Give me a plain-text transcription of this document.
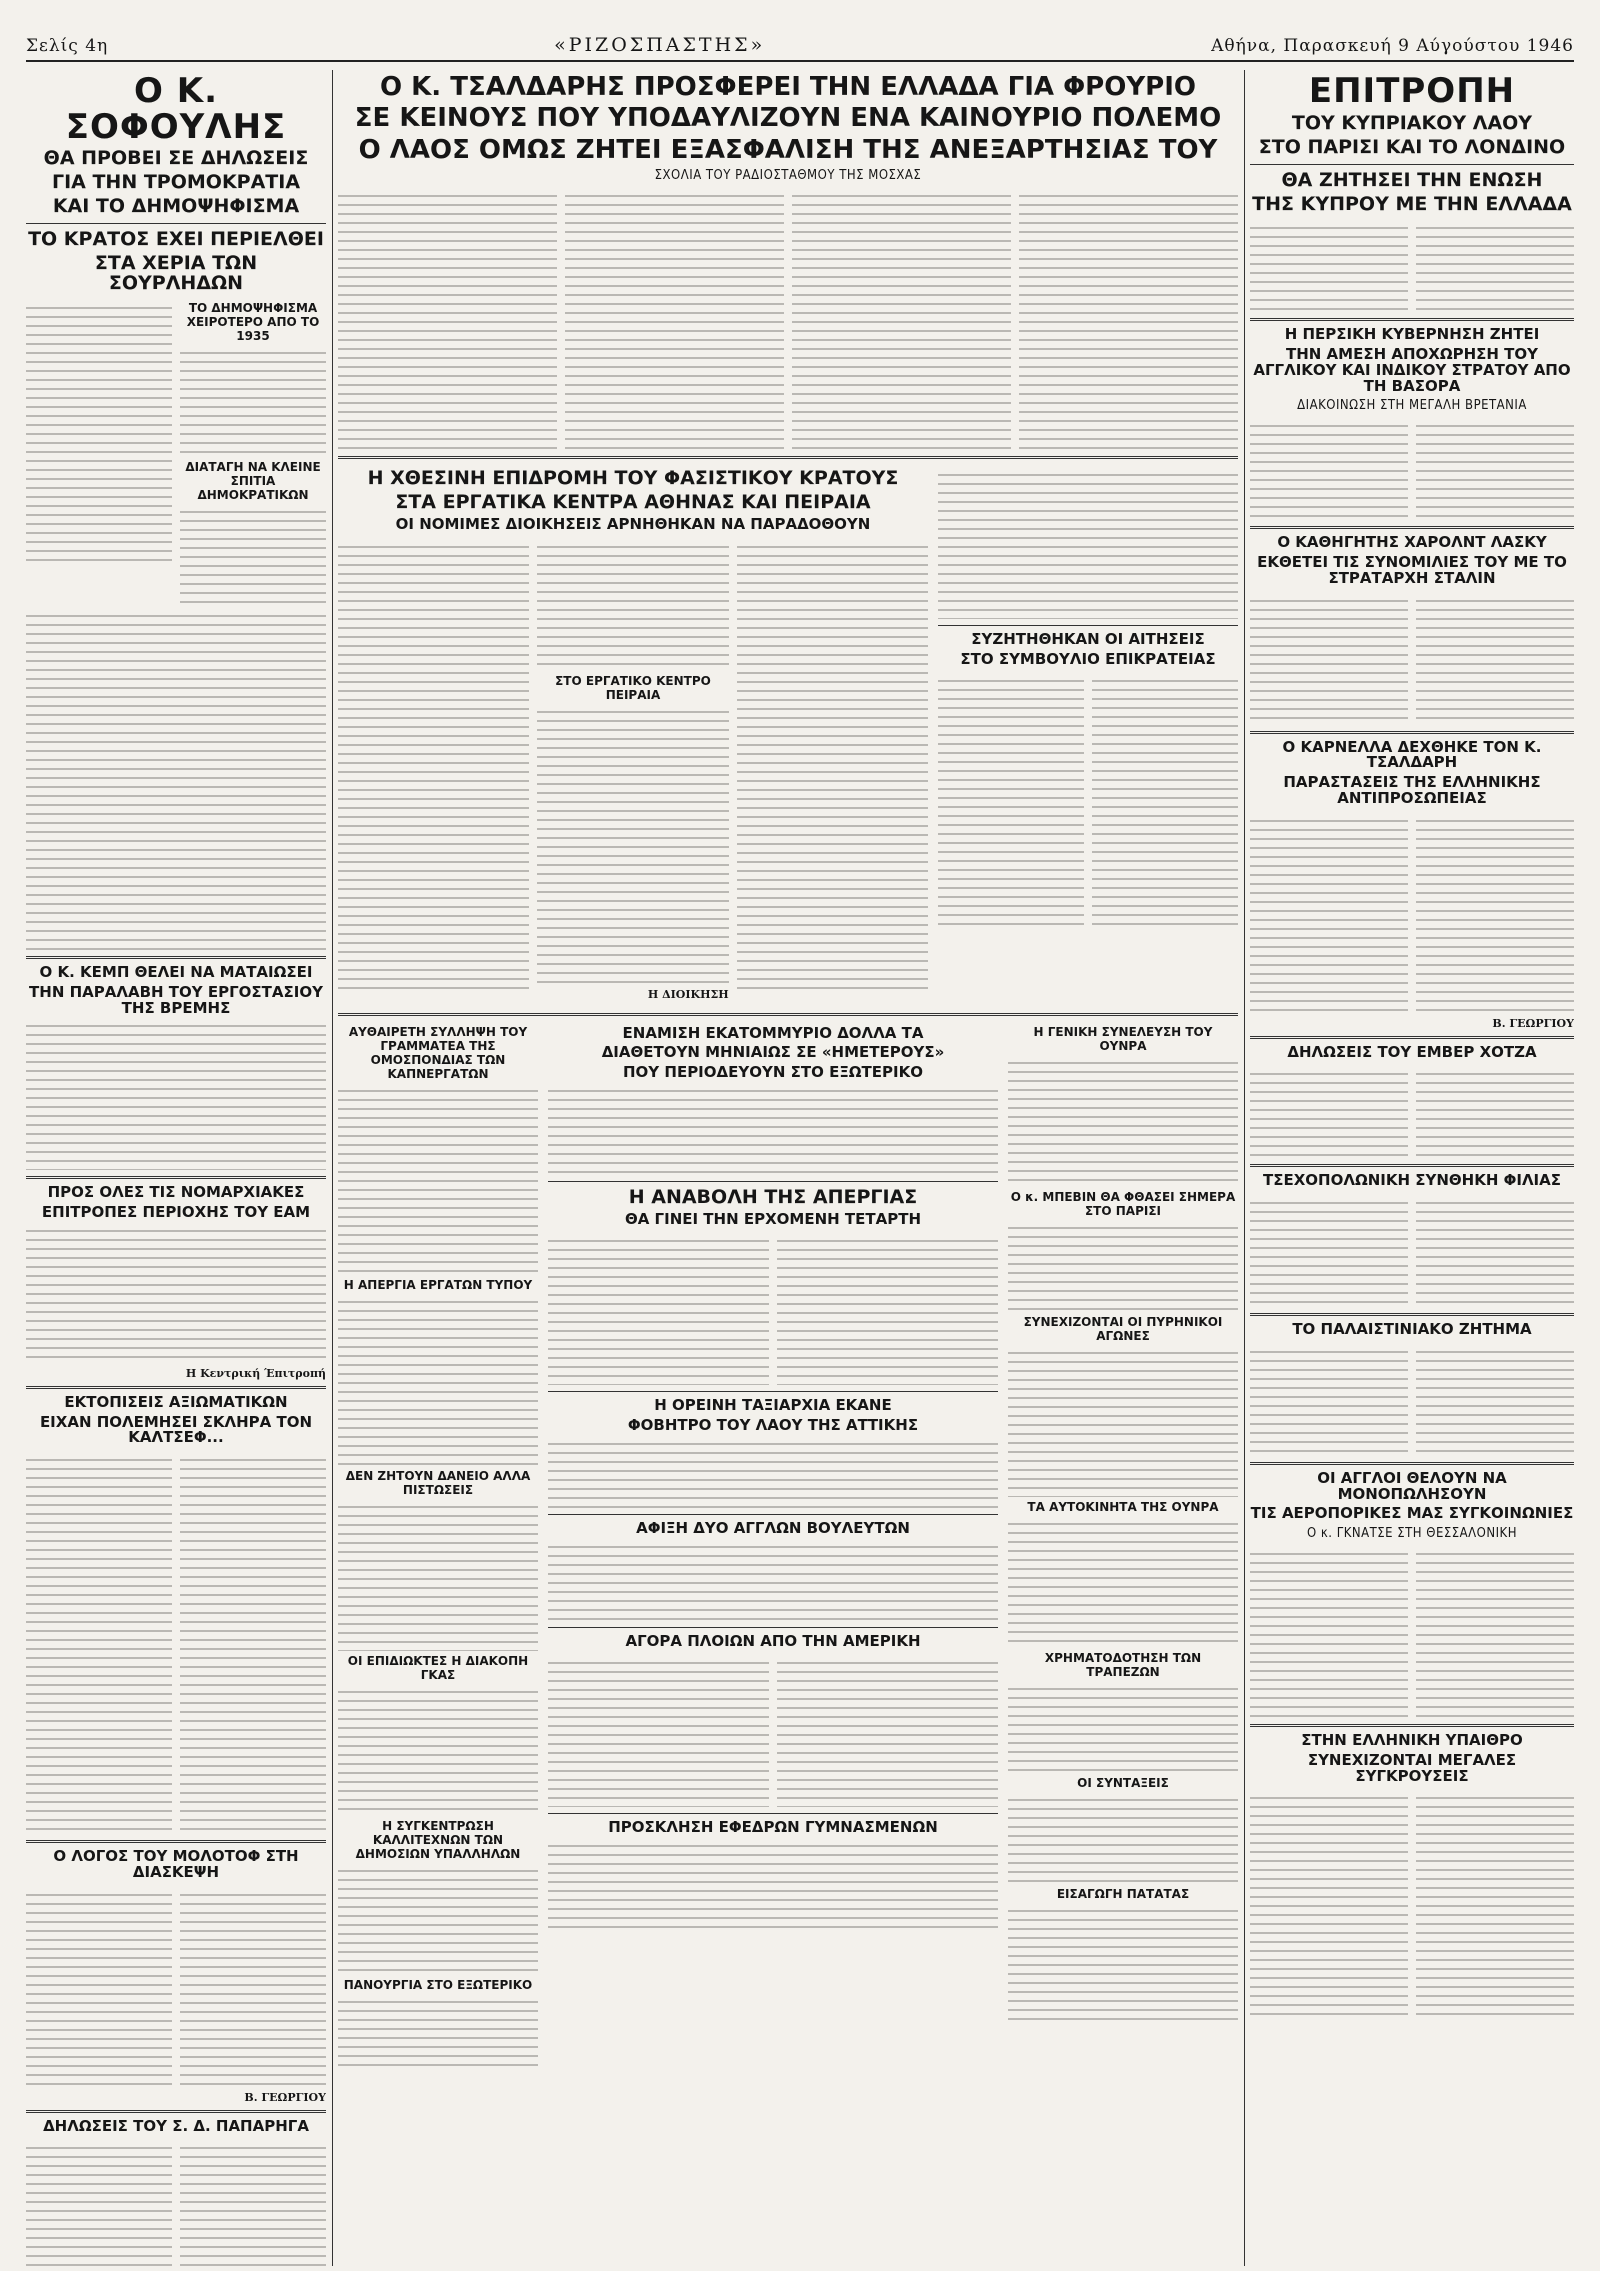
Σελίς 4η	«ΡΙΖΟΣΠΑΣΤΗΣ»	Αθήνα, Παρασκευή 9 Αύγούστου 1946
Ο Κ. ΣΟΦΟΥΛΗΣ
ΘΑ ΠΡΟΒΕΙ ΣΕ ΔΗΛΩΣΕΙΣ
ΓΙΑ ΤΗΝ ΤΡΟΜΟΚΡΑΤΙΑ
ΚΑΙ ΤΟ ΔΗΜΟΨΗΦΙΣΜΑ
ΤΟ ΚΡΑΤΟΣ ΕΧΕΙ ΠΕΡΙΕΛΘΕΙ
ΣΤΑ ΧΕΡΙΑ ΤΩΝ ΣΟΥΡΛΗΔΩΝ
ΤΟ ΔΗΜΟΨΗΦΙΣΜΑ ΧΕΙΡΟΤΕΡΟ ΑΠΟ ΤΟ 1935
ΔΙΑΤΑΓΗ ΝΑ ΚΛΕΙΝΕ ΣΠΙΤΙΑ ΔΗΜΟΚΡΑΤΙΚΩΝ
Ο Κ. ΚΕΜΠ ΘΕΛΕΙ ΝΑ ΜΑΤΑΙΩΣΕΙ
ΤΗΝ ΠΑΡΑΛΑΒΗ ΤΟΥ ΕΡΓΟΣΤΑΣΙΟΥ ΤΗΣ ΒΡΕΜΗΣ
ΠΡΟΣ ΟΛΕΣ ΤΙΣ ΝΟΜΑΡΧΙΑΚΕΣ
ΕΠΙΤΡΟΠΕΣ ΠΕΡΙΟΧΗΣ ΤΟΥ ΕΑΜ
Η Κεντρική Έπιτροπή
ΕΚΤΟΠΙΣΕΙΣ ΑΞΙΩΜΑΤΙΚΩΝ
ΕΙΧΑΝ ΠΟΛΕΜΗΣΕΙ ΣΚΛΗΡΑ ΤΟΝ ΚΑΛΤΣΕΦ...
Ο ΛΟΓΟΣ ΤΟΥ ΜΟΛΟΤΟΦ ΣΤΗ ΔΙΑΣΚΕΨΗ
Β. ΓΕΩΡΓΙΟΥ
ΔΗΛΩΣΕΙΣ ΤΟΥ Σ. Δ. ΠΑΠΑΡΗΓΑ
Ο Κ. ΤΣΑΛΔΑΡΗΣ ΠΡΟΣΦΕΡΕΙ ΤΗΝ ΕΛΛΑΔΑ ΓΙΑ ΦΡΟΥΡΙΟ
ΣΕ ΚΕΙΝΟΥΣ ΠΟΥ ΥΠΟΔΑΥΛΙΖΟΥΝ ΕΝΑ ΚΑΙΝΟΥΡΙΟ ΠΟΛΕΜΟ
Ο ΛΑΟΣ ΟΜΩΣ ΖΗΤΕΙ ΕΞΑΣΦΑΛΙΣΗ ΤΗΣ ΑΝΕΞΑΡΤΗΣΙΑΣ ΤΟΥ
ΣΧΟΛΙΑ ΤΟΥ ΡΑΔΙΟΣΤΑΘΜΟΥ ΤΗΣ ΜΟΣΧΑΣ
Η ΧΘΕΣΙΝΗ ΕΠΙΔΡΟΜΗ ΤΟΥ ΦΑΣΙΣΤΙΚΟΥ ΚΡΑΤΟΥΣ
ΣΤΑ ΕΡΓΑΤΙΚΑ ΚΕΝΤΡΑ ΑΘΗΝΑΣ ΚΑΙ ΠΕΙΡΑΙΑ
ΟΙ ΝΟΜΙΜΕΣ ΔΙΟΙΚΗΣΕΙΣ ΑΡΝΗΘΗΚΑΝ ΝΑ ΠΑΡΑΔΟΘΟΥΝ
ΣΤΟ ΕΡΓΑΤΙΚΟ ΚΕΝΤΡΟ ΠΕΙΡΑΙΑ
Η ΔΙΟΙΚΗΣΗ
ΣΥΖΗΤΗΘΗΚΑΝ ΟΙ ΑΙΤΗΣΕΙΣ
ΣΤΟ ΣΥΜΒΟΥΛΙΟ ΕΠΙΚΡΑΤΕΙΑΣ
ΑΥΘΑΙΡΕΤΗ ΣΥΛΛΗΨΗ ΤΟΥ ΓΡΑΜΜΑΤΕΑ ΤΗΣ ΟΜΟΣΠΟΝΔΙΑΣ ΤΩΝ ΚΑΠΝΕΡΓΑΤΩΝ
Η ΑΠΕΡΓΙΑ ΕΡΓΑΤΩΝ ΤΥΠΟΥ
ΔΕΝ ΖΗΤΟΥΝ ΔΑΝΕΙΟ ΑΛΛΑ ΠΙΣΤΩΣΕΙΣ
ΟΙ ΕΠΙΔΙΩΚΤΕΣ Η ΔΙΑΚΟΠΗ ΓΚΑΣ
Η ΣΥΓΚΕΝΤΡΩΣΗ ΚΑΛΛΙΤΕΧΝΩΝ ΤΩΝ ΔΗΜΟΣΙΩΝ ΥΠΑΛΛΗΛΩΝ
ΠΑΝΟΥΡΓΙΑ ΣΤΟ ΕΞΩΤΕΡΙΚΟ
ΕΝΑΜΙΣΗ ΕΚΑΤΟΜΜΥΡΙΟ ΔΟΛΛΑ ΤΑ
ΔΙΑΘΕΤΟΥΝ ΜΗΝΙΑΙΩΣ ΣΕ «ΗΜΕΤΕΡΟΥΣ»
ΠΟΥ ΠΕΡΙΟΔΕΥΟΥΝ ΣΤΟ ΕΞΩΤΕΡΙΚΟ
Η ΑΝΑΒΟΛΗ ΤΗΣ ΑΠΕΡΓΙΑΣ
ΘΑ ΓΙΝΕΙ ΤΗΝ ΕΡΧΟΜΕΝΗ ΤΕΤΑΡΤΗ
Η ΟΡΕΙΝΗ ΤΑΞΙΑΡΧΙΑ ΕΚΑΝΕ
ΦΟΒΗΤΡΟ ΤΟΥ ΛΑΟΥ ΤΗΣ ΑΤΤΙΚΗΣ
ΑΦΙΞΗ ΔΥΟ ΑΓΓΛΩΝ ΒΟΥΛΕΥΤΩΝ
ΑΓΟΡΑ ΠΛΟΙΩΝ ΑΠΟ ΤΗΝ ΑΜΕΡΙΚΗ
ΠΡΟΣΚΛΗΣΗ ΕΦΕΔΡΩΝ ΓΥΜΝΑΣΜΕΝΩΝ
Η ΓΕΝΙΚΗ ΣΥΝΕΛΕΥΣΗ ΤΟΥ ΟΥΝΡΑ
Ο κ. ΜΠΕΒΙΝ ΘΑ ΦΘΑΣΕΙ ΣΗΜΕΡΑ ΣΤΟ ΠΑΡΙΣΙ
ΣΥΝΕΧΙΖΟΝΤΑΙ ΟΙ ΠΥΡΗΝΙΚΟΙ ΑΓΩΝΕΣ
ΤΑ ΑΥΤΟΚΙΝΗΤΑ ΤΗΣ ΟΥΝΡΑ
ΧΡΗΜΑΤΟΔΟΤΗΣΗ ΤΩΝ ΤΡΑΠΕΖΩΝ
ΟΙ ΣΥΝΤΑΞΕΙΣ
ΕΙΣΑΓΩΓΗ ΠΑΤΑΤΑΣ
ΕΠΙΤΡΟΠΗ
ΤΟΥ ΚΥΠΡΙΑΚΟΥ ΛΑΟΥ
ΣΤΟ ΠΑΡΙΣΙ ΚΑΙ ΤΟ ΛΟΝΔΙΝΟ
ΘΑ ΖΗΤΗΣΕΙ ΤΗΝ ΕΝΩΣΗ
ΤΗΣ ΚΥΠΡΟΥ ΜΕ ΤΗΝ ΕΛΛΑΔΑ
Η ΠΕΡΣΙΚΗ ΚΥΒΕΡΝΗΣΗ ΖΗΤΕΙ
ΤΗΝ ΑΜΕΣΗ ΑΠΟΧΩΡΗΣΗ ΤΟΥ ΑΓΓΛΙΚΟΥ ΚΑΙ ΙΝΔΙΚΟΥ ΣΤΡΑΤΟΥ ΑΠΟ ΤΗ ΒΑΣΟΡΑ
ΔΙΑΚΟΙΝΩΣΗ ΣΤΗ ΜΕΓΑΛΗ ΒΡΕΤΑΝΙΑ
Ο ΚΑΘΗΓΗΤΗΣ ΧΑΡΟΛΝΤ ΛΑΣΚΥ
ΕΚΘΕΤΕΙ ΤΙΣ ΣΥΝΟΜΙΛΙΕΣ ΤΟΥ ΜΕ ΤΟ ΣΤΡΑΤΑΡΧΗ ΣΤΑΛΙΝ
Ο ΚΑΡΝΕΛΛΑ ΔΕΧΘΗΚΕ ΤΟΝ Κ. ΤΣΑΛΔΑΡΗ
ΠΑΡΑΣΤΑΣΕΙΣ ΤΗΣ ΕΛΛΗΝΙΚΗΣ ΑΝΤΙΠΡΟΣΩΠΕΙΑΣ
Β. ΓΕΩΡΓΙΟΥ
ΔΗΛΩΣΕΙΣ ΤΟΥ ΕΜΒΕΡ ΧΟΤΖΑ
ΤΣΕΧΟΠΟΛΩΝΙΚΗ ΣΥΝΘΗΚΗ ΦΙΛΙΑΣ
ΤΟ ΠΑΛΑΙΣΤΙΝΙΑΚΟ ΖΗΤΗΜΑ
ΟΙ ΑΓΓΛΟΙ ΘΕΛΟΥΝ ΝΑ ΜΟΝΟΠΩΛΗΣΟΥΝ
ΤΙΣ ΑΕΡΟΠΟΡΙΚΕΣ ΜΑΣ ΣΥΓΚΟΙΝΩΝΙΕΣ
Ο κ. ΓΚΝΑΤΣΕ ΣΤΗ ΘΕΣΣΑΛΟΝΙΚΗ
ΣΤΗΝ ΕΛΛΗΝΙΚΗ ΥΠΑΙΘΡΟ
ΣΥΝΕΧΙΖΟΝΤΑΙ ΜΕΓΑΛΕΣ ΣΥΓΚΡΟΥΣΕΙΣ
